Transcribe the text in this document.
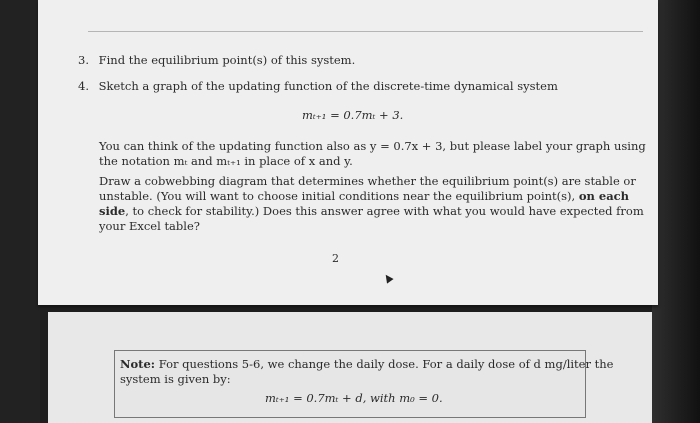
3. Find the equilibrium point(s) of this system.
4. Sketch a graph of the updating function of the discrete-time dynamical system
mₜ₊₁ = 0.7mₜ + 3.
You can think of the updating function also as y = 0.7x + 3, but please label your graph using
the notation mₜ and mₜ₊₁ in place of x and y.
Draw a cobwebbing diagram that determines whether the equilibrium point(s) are stable or
unstable. (You will want to choose initial conditions near the equilibrium point(s), on each
side, to check for stability.) Does this answer agree with what you would have expected from
your Excel table?
2
Note: For questions 5-6, we change the daily dose. For a daily dose of d mg/liter the
system is given by:
mₜ₊₁ = 0.7mₜ + d, with m₀ = 0.
